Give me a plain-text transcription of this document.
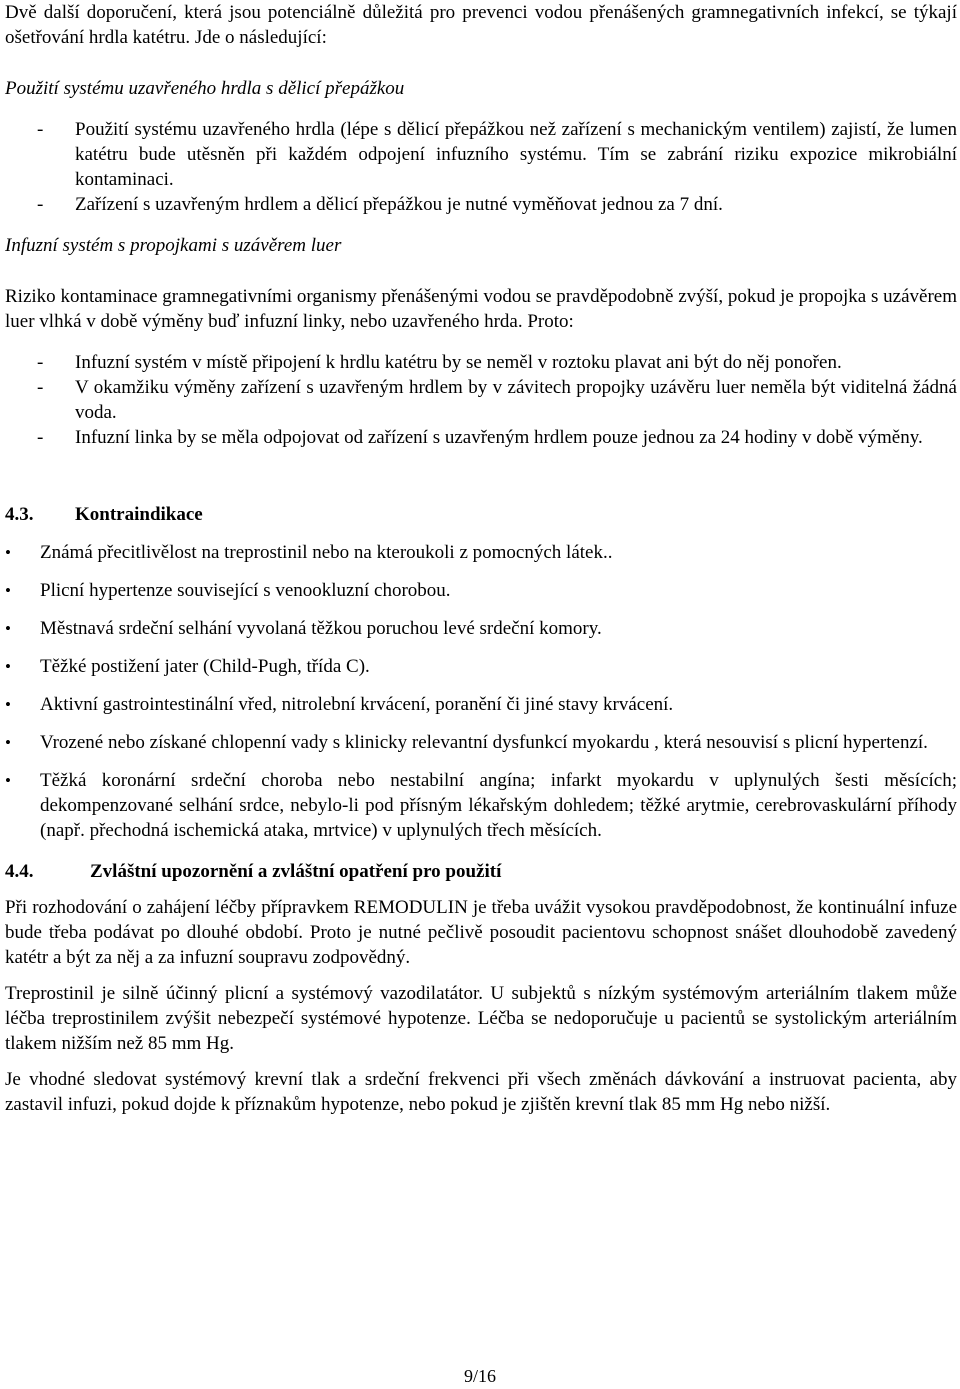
Dvě další doporučení, která jsou potenciálně důležitá pro prevenci vodou přenášených gramnegativních infekcí, se týkají ošetřování hrdla katétru. Jde o následující:

Použití systému uzavřeného hrdla s dělicí přepážkou

- Použití systému uzavřeného hrdla (lépe s dělicí přepážkou než zařízení s mechanickým ventilem) zajistí, že lumen katétru bude utěsněn při každém odpojení infuzního systému. Tím se zabrání riziku expozice mikrobiální kontaminaci.
- Zařízení s uzavřeným hrdlem a dělicí přepážkou je nutné vyměňovat jednou za 7 dní.

Infuzní systém s propojkami s uzávěrem luer

Riziko kontaminace gramnegativními organismy přenášenými vodou se pravděpodobně zvýší, pokud je propojka s uzávěrem luer vlhká v době výměny buď infuzní linky, nebo uzavřeného hrda. Proto:

- Infuzní systém v místě připojení k hrdlu katétru by se neměl v roztoku plavat ani být do něj ponořen.
- V okamžiku výměny zařízení s uzavřeným hrdlem by v závitech propojky uzávěru luer neměla být viditelná žádná voda.
- Infuzní linka by se měla odpojovat od zařízení s uzavřeným hrdlem pouze jednou za 24 hodiny v době výměny.
4.3.	Kontraindikace
• Známá přecitlivělost na treprostinil nebo na kteroukoli z pomocných látek..
• Plicní hypertenze související s venookluzní chorobou.
• Městnavá srdeční selhání vyvolaná těžkou poruchou levé srdeční komory.
• Těžké postižení jater (Child-Pugh, třída C).
• Aktivní gastrointestinální vřed, nitrolební krvácení, poranění či jiné stavy krvácení.
• Vrozené nebo získané chlopenní vady s klinicky relevantní dysfunkcí myokardu , která nesouvisí s plicní hypertenzí.
• Těžká koronární srdeční choroba nebo nestabilní angína; infarkt myokardu v uplynulých šesti měsících; dekompenzované selhání srdce, nebylo-li pod přísným lékařským dohledem; těžké arytmie, cerebrovaskulární příhody (např. přechodná ischemická ataka, mrtvice) v uplynulých třech měsících.
4.4.	Zvláštní upozornění a zvláštní opatření pro použití

Při rozhodování o zahájení léčby přípravkem REMODULIN je třeba uvážit vysokou pravděpodobnost, že kontinuální infuze bude třeba podávat po dlouhé období. Proto je nutné pečlivě posoudit pacientovu schopnost snášet dlouhodobě zavedený katétr a být za něj a za infuzní soupravu zodpovědný.

Treprostinil je silně účinný plicní a systémový vazodilatátor. U subjektů s nízkým systémovým arteriálním tlakem může léčba treprostinilem zvýšit nebezpečí systémové hypotenze. Léčba se nedoporučuje u pacientů se systolickým arteriálním tlakem nižším než 85 mm Hg.

Je vhodné sledovat systémový krevní tlak a srdeční frekvenci při všech změnách dávkování a instruovat pacienta, aby zastavil infuzi, pokud dojde k příznakům hypotenze, nebo pokud je zjištěn krevní tlak 85 mm Hg nebo nižší.

9/16
